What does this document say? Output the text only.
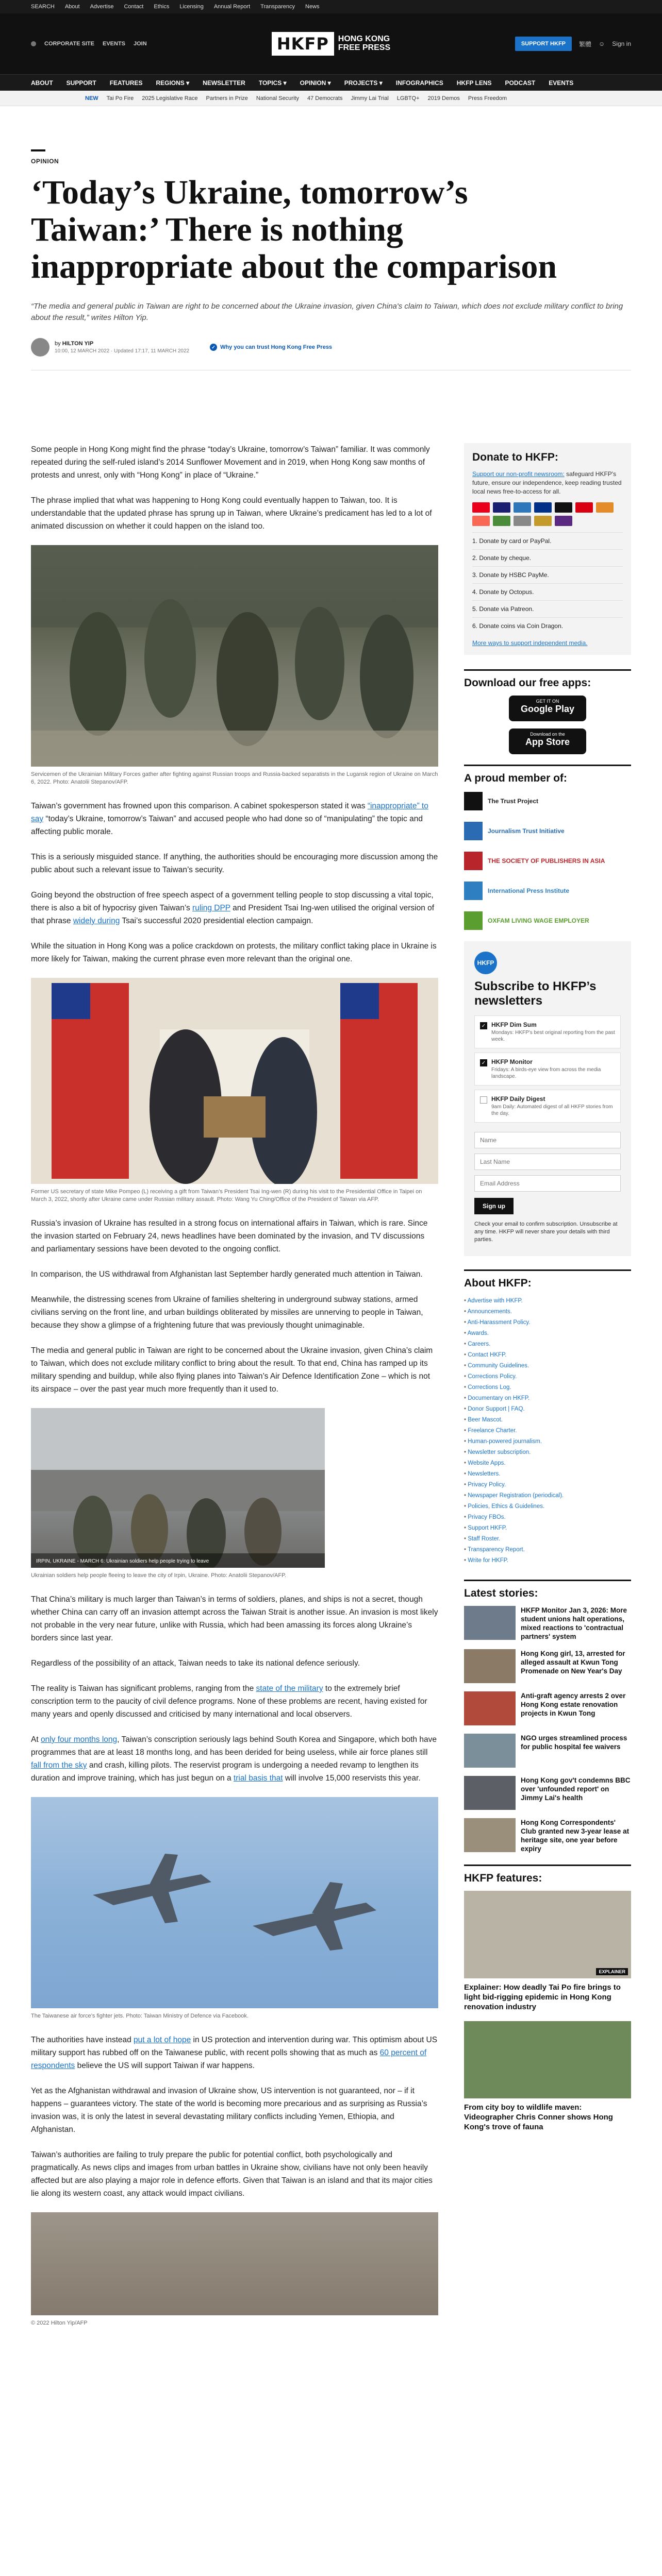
SEARCH About Advertise Contact Ethics Licensing Annual Report Transparency News
CORPORATE SITE EVENTS JOIN	HKFP	HONG KONG
FREE PRESS	SUPPORT HKFP	繁體 ☺ Sign in
ABOUT SUPPORT FEATURES REGIONS ▾ NEWSLETTER TOPICS ▾ OPINION ▾ PROJECTS ▾ INFOGRAPHICS HKFP LENS PODCAST EVENTS
NEW Tai Po Fire 2025 Legislative Race Partners in Prize National Security 47 Democrats Jimmy Lai Trial LGBTQ+ 2019 Demos Press Freedom
OPINION
‘Today’s Ukraine, tomorrow’s Taiwan:’ There is nothing inappropriate about the comparison
“The media and general public in Taiwan are right to be concerned about the Ukraine invasion, given China's claim to Taiwan, which does not exclude military conflict to bring about the result,” writes Hilton Yip.
by HILTON YIP
10:00, 12 MARCH 2022 · Updated 17:17, 11 MARCH 2022
✓ Why you can trust Hong Kong Free Press

Some people in Hong Kong might find the phrase “today’s Ukraine, tomorrow’s Taiwan” familiar. It was commonly repeated during the self-ruled island’s 2014 Sunflower Movement and in 2019, when Hong Kong saw months of protests and unrest, only with “Hong Kong” in place of “Ukraine.”

The phrase implied that what was happening to Hong Kong could eventually happen to Taiwan, too. It is understandable that the updated phrase has sprung up in Taiwan, where Ukraine’s predicament has led to a lot of animated discussion on whether it could happen on the island too.

Servicemen of the Ukrainian Military Forces gather after fighting against Russian troops and Russia-backed separatists in the Lugansk region of Ukraine on March 6, 2022. Photo: Anatolii Stepanov/AFP.

Taiwan’s government has frowned upon this comparison. A cabinet spokesperson stated it was “inappropriate” to say “today’s Ukraine, tomorrow’s Taiwan” and accused people who had done so of “manipulating” the topic and affecting public morale.

This is a seriously misguided stance. If anything, the authorities should be encouraging more discussion among the public about such a relevant issue to Taiwan’s security.

Going beyond the obstruction of free speech aspect of a government telling people to stop discussing a vital topic, there is also a bit of hypocrisy given Taiwan’s ruling DPP and President Tsai Ing-wen utilised the original version of that phrase widely during Tsai’s successful 2020 presidential election campaign.

While the situation in Hong Kong was a police crackdown on protests, the military conflict taking place in Ukraine is more likely for Taiwan, making the current phrase even more relevant than the original one.

Former US secretary of state Mike Pompeo (L) receiving a gift from Taiwan’s President Tsai Ing-wen (R) during his visit to the Presidential Office in Taipei on March 3, 2022, shortly after Ukraine came under Russian military assault. Photo: Wang Yu Ching/Office of the President of Taiwan via AFP.

Russia’s invasion of Ukraine has resulted in a strong focus on international affairs in Taiwan, which is rare. Since the invasion started on February 24, news headlines have been dominated by the invasion, and TV discussions and parliamentary sessions have been devoted to the ongoing conflict.

In comparison, the US withdrawal from Afghanistan last September hardly generated much attention in Taiwan.

Meanwhile, the distressing scenes from Ukraine of families sheltering in underground subway stations, armed civilians serving on the front line, and urban buildings obliterated by missiles are unnerving to people in Taiwan, because they show a glimpse of a frightening future that was previously thought unimaginable.

The media and general public in Taiwan are right to be concerned about the Ukraine invasion, given China’s claim to Taiwan, which does not exclude military conflict to bring about the result. To that end, China has ramped up its military spending and buildup, while also flying planes into Taiwan’s Air Defence Identification Zone – which is not its airspace – over the past year much more frequently than it used to.

IRPIN, UKRAINE - MARCH 6: Ukrainian soldiers help people trying to leave
Ukrainian soldiers help people fleeing to leave the city of Irpin, Ukraine. Photo: Anatolii Stepanov/AFP.

That China’s military is much larger than Taiwan’s in terms of soldiers, planes, and ships is not a secret, though whether China can carry off an invasion attempt across the Taiwan Strait is another issue. An invasion is most likely not probable in the very near future, unlike with Russia, which had been amassing its forces along Ukraine’s borders since last year.

Regardless of the possibility of an attack, Taiwan needs to take its national defence seriously.

The reality is Taiwan has significant problems, ranging from the state of the military to the extremely brief conscription term to the paucity of civil defence programs. None of these problems are recent, having existed for many years and openly discussed and criticised by many international and local observers.

At only four months long, Taiwan’s conscription seriously lags behind South Korea and Singapore, which both have programmes that are at least 18 months long, and has been derided for being useless, while air force planes still fall from the sky and crash, killing pilots. The reservist program is undergoing a needed revamp to lengthen its duration and improve training, which has just begun on a trial basis that will involve 15,000 reservists this year.

The Taiwanese air force’s fighter jets. Photo: Taiwan Ministry of Defence via Facebook.

The authorities have instead put a lot of hope in US protection and intervention during war. This optimism about US military support has rubbed off on the Taiwanese public, with recent polls showing that as much as 60 percent of respondents believe the US will support Taiwan if war happens.

Yet as the Afghanistan withdrawal and invasion of Ukraine show, US intervention is not guaranteed, nor – if it happens – guarantees victory. The state of the world is becoming more precarious and as surprising as Russia’s invasion was, it is only the latest in several devastating military conflicts including Yemen, Ethiopia, and Afghanistan.

Taiwan’s authorities are failing to truly prepare the public for potential conflict, both psychologically and pragmatically. As news clips and images from urban battles in Ukraine show, civilians have not only been heavily affected but are also playing a major role in defence efforts. Given that Taiwan is an island and that its major cities lie along its western coast, any attack would impact civilians.

© 2022 Hilton Yip/AFP
Donate to HKFP:
Support our non-profit newsroom: safeguard HKFP's future, ensure our independence, keep reading trusted local news free-to-access for all.
1. Donate by card or PayPal.
2. Donate by cheque.
3. Donate by HSBC PayMe.
4. Donate by Octopus.
5. Donate via Patreon.
6. Donate coins via Coin Dragon.
More ways to support independent media.
Download our free apps:
GET IT ON
Google Play
Download on the
App Store
A proud member of:
The Trust Project
Journalism Trust Initiative
THE SOCIETY OF PUBLISHERS IN ASIA
International Press Institute
OXFAM LIVING WAGE EMPLOYER
HKFP
Subscribe to HKFP’s newsletters
✓ HKFP Dim Sum
Mondays: HKFP's best original reporting from the past week.
✓ HKFP Monitor
Fridays: A birds-eye view from across the media landscape.
HKFP Daily Digest
9am Daily: Automated digest of all HKFP stories from the day.
Name Last Name Email Address Sign up
Check your email to confirm subscription. Unsubscribe at any time. HKFP will never share your details with third parties.
About HKFP:
• Advertise with HKFP.
• Announcements.
• Anti-Harassment Policy.
• Awards.
• Careers.
• Contact HKFP.
• Community Guidelines.
• Corrections Policy.
• Corrections Log.
• Documentary on HKFP.
• Donor Support | FAQ.
• Beer Mascot.
• Freelance Charter.
• Human-powered journalism.
• Newsletter subscription.
• Website Apps.
• Newsletters.
• Privacy Policy.
• Newspaper Registration (periodical).
• Policies, Ethics & Guidelines.
• Privacy FBOs.
• Support HKFP.
• Staff Roster.
• Transparency Report.
• Write for HKFP.
Latest stories:
HKFP Monitor Jan 3, 2026: More student unions halt operations, mixed reactions to 'contractual partners' system
Hong Kong girl, 13, arrested for alleged assault at Kwun Tong Promenade on New Year's Day
Anti-graft agency arrests 2 over Hong Kong estate renovation projects in Kwun Tong
NGO urges streamlined process for public hospital fee waivers
Hong Kong gov't condemns BBC over 'unfounded report' on Jimmy Lai's health
Hong Kong Correspondents' Club granted new 3-year lease at heritage site, one year before expiry
HKFP features:
EXPLAINER
Explainer: How deadly Tai Po fire brings to light bid-rigging epidemic in Hong Kong renovation industry
From city boy to wildlife maven: Videographer Chris Conner shows Hong Kong's trove of fauna
